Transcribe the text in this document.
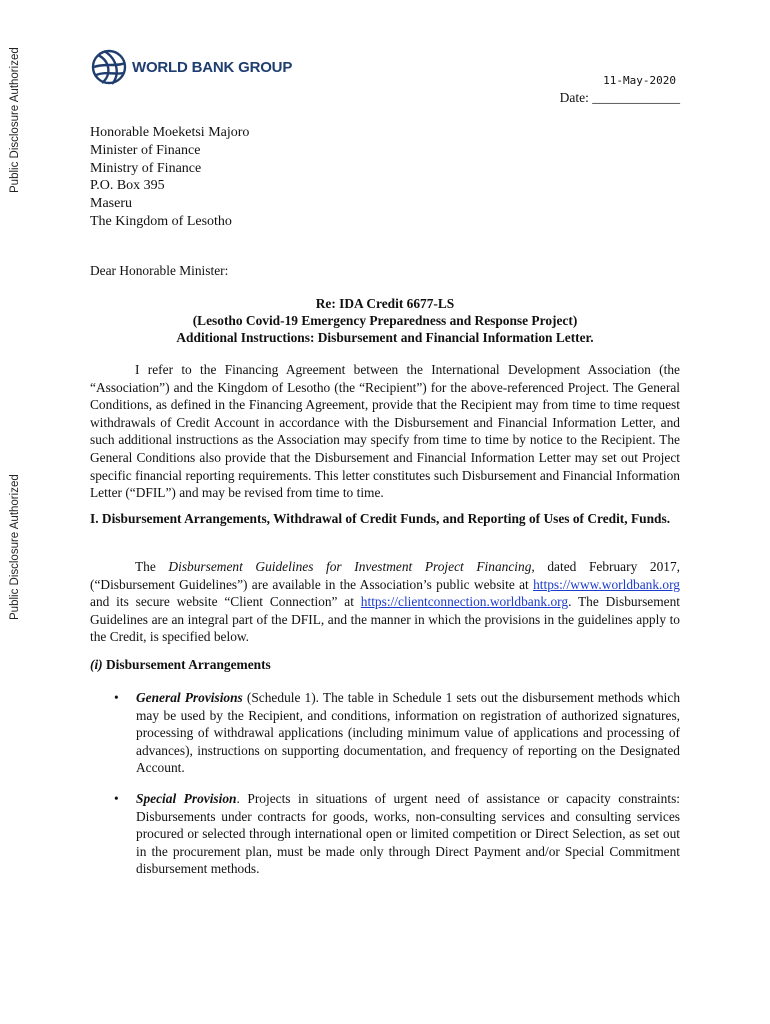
Public Disclosure Authorized
Public Disclosure Authorized
WORLD BANK GROUP
11-May-2020
Date: _____________
Honorable Moeketsi Majoro
Minister of Finance
Ministry of Finance
P.O. Box 395
Maseru
The Kingdom of Lesotho
Dear Honorable Minister:
Re: IDA Credit 6677-LS
(Lesotho Covid-19 Emergency Preparedness and Response Project)
Additional Instructions: Disbursement and Financial Information Letter.

I refer to the Financing Agreement between the International Development Association (the “Association”) and the Kingdom of Lesotho (the “Recipient”) for the above-referenced Project. The General Conditions, as defined in the Financing Agreement, provide that the Recipient may from time to time request withdrawals of Credit Account in accordance with the Disbursement and Financial Information Letter, and such additional instructions as the Association may specify from time to time by notice to the Recipient. The General Conditions also provide that the Disbursement and Financial Information Letter may set out Project specific financial reporting requirements. This letter constitutes such Disbursement and Financial Information Letter (“DFIL”) and may be revised from time to time.

I. Disbursement Arrangements, Withdrawal of Credit Funds, and Reporting of Uses of Credit, Funds.

The Disbursement Guidelines for Investment Project Financing, dated February 2017, (“Disbursement Guidelines”) are available in the Association’s public website at https://www.worldbank.org and its secure website “Client Connection” at https://clientconnection.worldbank.org. The Disbursement Guidelines are an integral part of the DFIL, and the manner in which the provisions in the guidelines apply to the Credit, is specified below.

(i) Disbursement Arrangements
• General Provisions (Schedule 1). The table in Schedule 1 sets out the disbursement methods which may be used by the Recipient, and conditions, information on registration of authorized signatures, processing of withdrawal applications (including minimum value of applications and processing of advances), instructions on supporting documentation, and frequency of reporting on the Designated Account.
• Special Provision. Projects in situations of urgent need of assistance or capacity constraints: Disbursements under contracts for goods, works, non-consulting services and consulting services procured or selected through international open or limited competition or Direct Selection, as set out in the procurement plan, must be made only through Direct Payment and/or Special Commitment disbursement methods.
